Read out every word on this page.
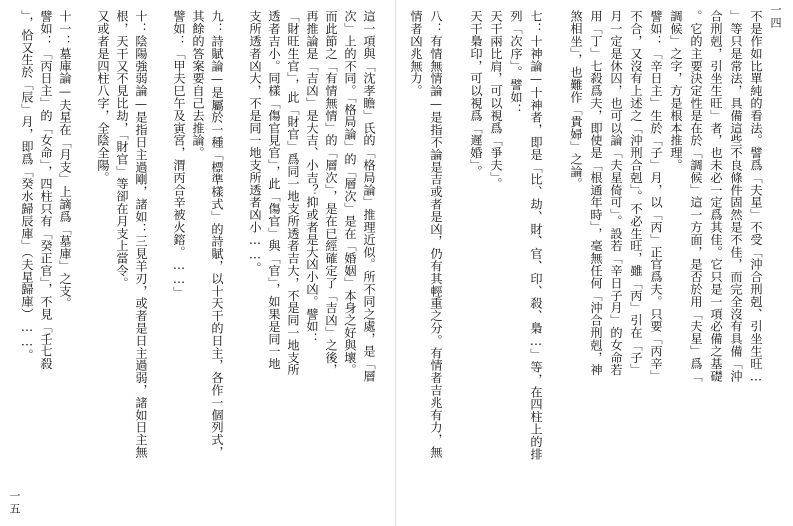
不是作如比單純的看法。譬爲「夫星」不受「沖合刑剋、引坐生旺…
」等只是常法，具備這些不良條件固然是不佳，而完全沒有具備「沖
合刑剋，引坐生旺」者，也未必一定爲其佳。它只是一項必備之基礎
。它的主要決定性是在於「調候」這一方面，是否於用「夫星」爲「
調候」之字，方是根本推理。
譬如：「辛日主」生於「子」月，以「丙」正官爲夫。只要「丙辛」
不合，又沒有上述之「沖刑合剋」。不必生旺，雖「丙」引在「子」
月一定是休囚，也可以論「夫星倚可」。設若「辛日子月」的女命若
用「丁」七殺爲夫，即使是「根通年時」，毫無任何「沖合刑剋，神
煞相坐」，也難作「貴婦」之論。
七：十神論—十神者，即是「比、劫、財、官、印、殺、梟…」等，在四柱上的排
列「次序」。譬如：
天干兩比肩，可以視爲「爭夫」。
天干梟印，可以視爲「遲婚」。
八：有情無情論—是指不論是吉或者是凶，仍有其輕重之分。有情者吉兆有力，無
情者凶兆無力。	一四
這一項與「沈孝瞻」氏的「格局論」推理近似。所不同之處，是「層
次」上的不同。「格局論」的「層次」是在「婚姻」本身之好與壞。
而此節之「有情無情」的「層次」，是在已經確定了「吉凶」之後，
再推論是「吉凶」是大吉、小吉？抑或者是大凶小凶。譬如：
「財旺生官」，此「財官」爲同一地支所透者吉大，不是同一地支所
透者吉小。同樣「傷官見官」，此「傷官」與「官」，如果是同一地
支所透者凶大，不是同一地支所透者凶小……。
九：詩賦論—是屬於一種「標準樣式」的詩賦，以十天干的日主，各作一個列式，
其餘的答案要自己去推論。
譬如：「甲夫巳午及寅宮，渭丙合辛被火鎔。……」
十：陰陽強弱論—是指日主過剛，諸如：三見羊刃，或者是日主過弱，諸如日主無
根，天干又不見比劫，「財官」等卻在月支上當令。
又或者是四柱八字，全陰全陽。
十一：墓庫論—夫星在「月支」上謫爲「墓庫」之支。
譬如：「丙日主」的「女命」，四柱只有「癸正官」，不見「壬七殺
」，恰又生於「辰」月，即爲「癸水歸辰庫」（夫星歸庫）……。
一五
